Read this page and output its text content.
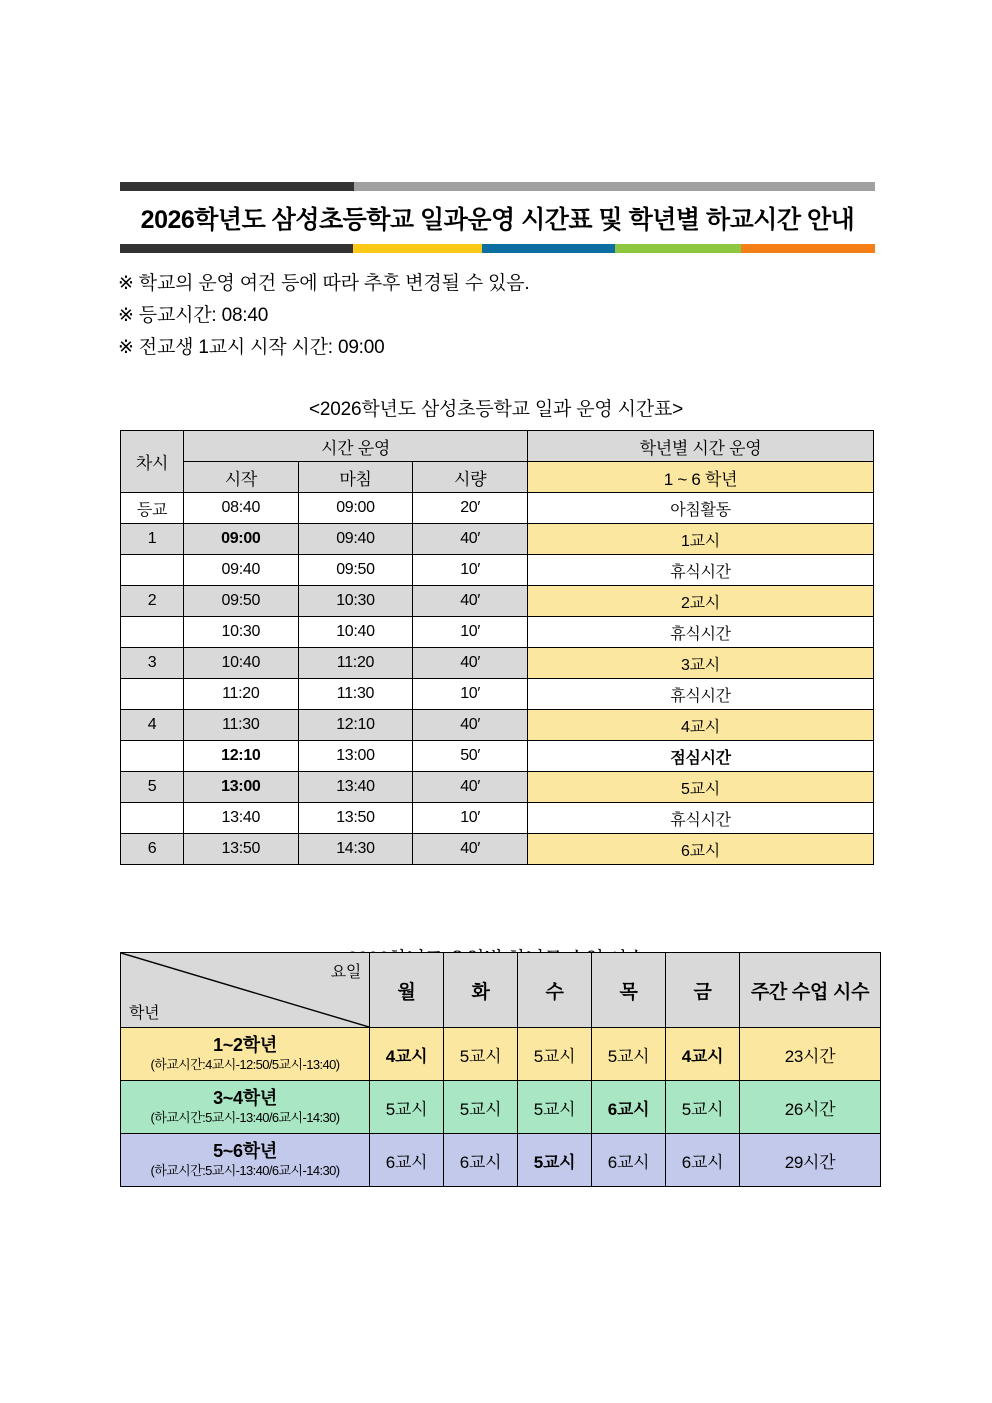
2026학년도 삼성초등학교 일과운영 시간표 및 학년별 하교시간 안내
※ 학교의 운영 여건 등에 따라 추후 변경될 수 있음.
※ 등교시간: 08:40
※ 전교생 1교시 시작 시간: 09:00
<2026학년도 삼성초등학교 일과 운영 시간표>
차시	시간 운영			학년별 시간 운영
	시작	마침	시량	1 ~ 6 학년
등교	08:40	09:00	20′	아침활동
1	09:00	09:40	40′	1교시
	09:40	09:50	10′	휴식시간
2	09:50	10:30	40′	2교시
	10:30	10:40	10′	휴식시간
3	10:40	11:20	40′	3교시
	11:20	11:30	10′	휴식시간
4	11:30	12:10	40′	4교시
	12:10	13:00	50′	점심시간
5	13:00	13:40	40′	5교시
	13:40	13:50	10′	휴식시간
6	13:50	14:30	40′	6교시
요일
학년	월	화	수	목	금	주간 수업 시수

1~2학년
(하교시간:4교시-12:50/5교시-13:40)	4교시	5교시	5교시	5교시	4교시	23시간

3~4학년
(하교시간:5교시-13:40/6교시-14:30)	5교시	5교시	5교시	6교시	5교시	26시간

5~6학년
(하교시간:5교시-13:40/6교시-14:30)	6교시	6교시	5교시	6교시	6교시	29시간
